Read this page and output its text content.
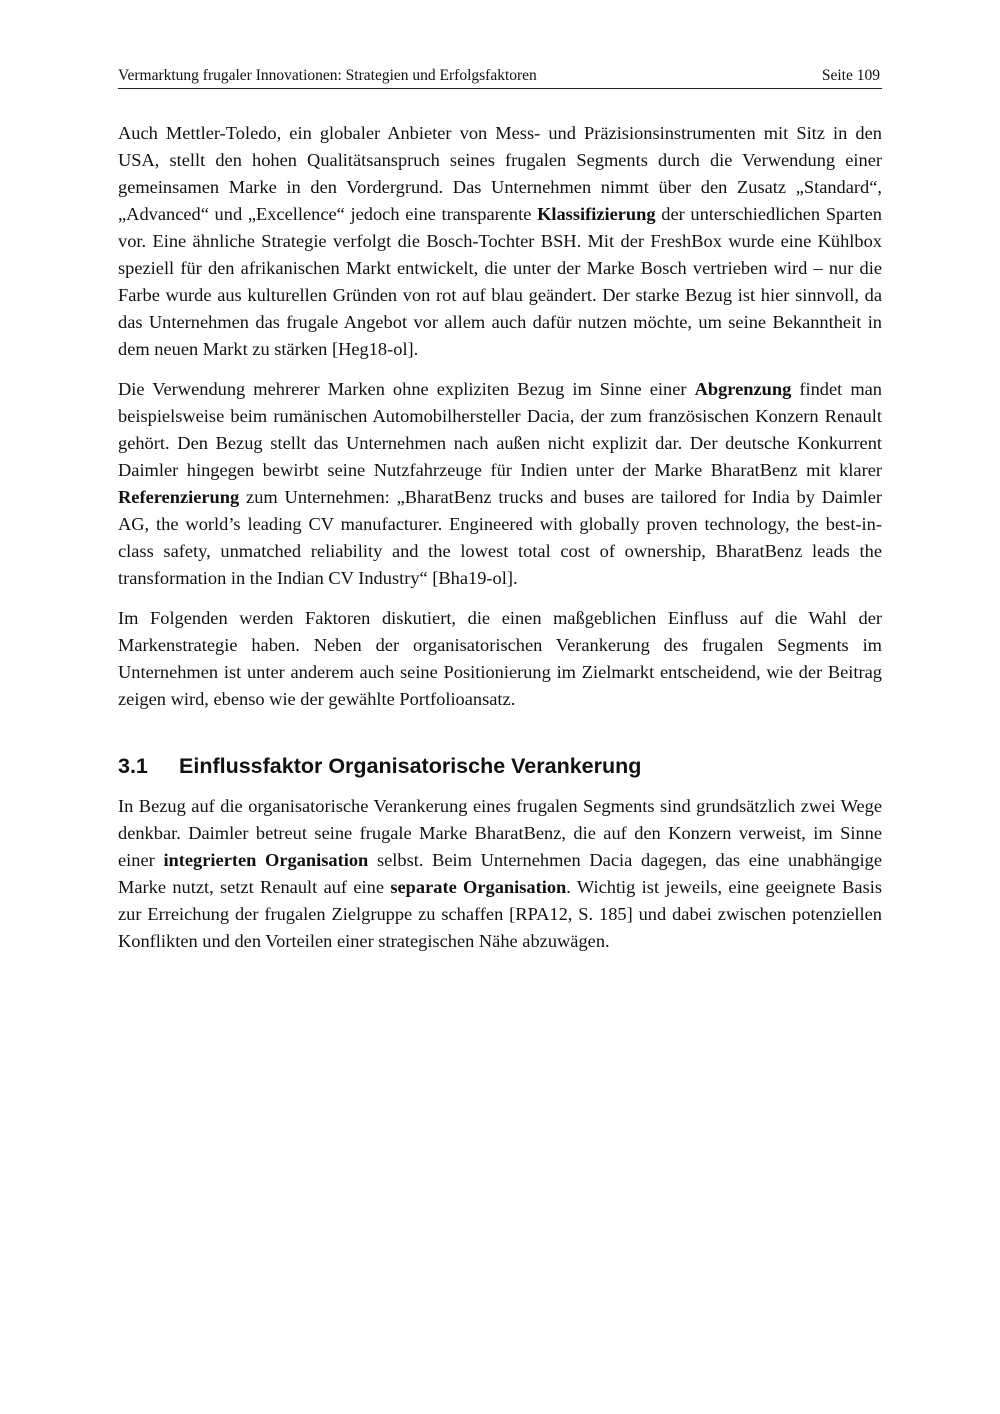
Vermarktung frugaler Innovationen: Strategien und Erfolgsfaktoren	Seite 109

Auch Mettler-Toledo, ein globaler Anbieter von Mess- und Präzisionsinstrumenten mit Sitz in den USA, stellt den hohen Qualitätsanspruch seines frugalen Segments durch die Verwendung einer gemeinsamen Marke in den Vordergrund. Das Unternehmen nimmt über den Zusatz „Standard“, „Advanced“ und „Excellence“ jedoch eine transparente Klassifizierung der unterschiedlichen Sparten vor. Eine ähnliche Strategie verfolgt die Bosch-Tochter BSH. Mit der FreshBox wurde eine Kühlbox speziell für den afrikanischen Markt entwickelt, die unter der Marke Bosch vertrieben wird – nur die Farbe wurde aus kulturellen Gründen von rot auf blau geändert. Der starke Bezug ist hier sinnvoll, da das Unternehmen das frugale Angebot vor allem auch dafür nutzen möchte, um seine Bekanntheit in dem neuen Markt zu stärken [Heg18-ol].

Die Verwendung mehrerer Marken ohne expliziten Bezug im Sinne einer Abgrenzung findet man beispielsweise beim rumänischen Automobilhersteller Dacia, der zum französischen Konzern Renault gehört. Den Bezug stellt das Unternehmen nach außen nicht explizit dar. Der deutsche Konkurrent Daimler hingegen bewirbt seine Nutzfahrzeuge für Indien unter der Marke BharatBenz mit klarer Referenzierung zum Unternehmen: „BharatBenz trucks and buses are tailored for India by Daimler AG, the world’s leading CV manufacturer. Engineered with globally proven technology, the best-in-class safety, unmatched reliability and the lowest total cost of ownership, BharatBenz leads the transformation in the Indian CV Industry“ [Bha19-ol].

Im Folgenden werden Faktoren diskutiert, die einen maßgeblichen Einfluss auf die Wahl der Markenstrategie haben. Neben der organisatorischen Verankerung des frugalen Segments im Unternehmen ist unter anderem auch seine Positionierung im Zielmarkt entscheidend, wie der Beitrag zeigen wird, ebenso wie der gewählte Portfolioansatz.

3.1 Einflussfaktor Organisatorische Verankerung

In Bezug auf die organisatorische Verankerung eines frugalen Segments sind grundsätzlich zwei Wege denkbar. Daimler betreut seine frugale Marke BharatBenz, die auf den Konzern verweist, im Sinne einer integrierten Organisation selbst. Beim Unternehmen Dacia dagegen, das eine unabhängige Marke nutzt, setzt Renault auf eine separate Organisation. Wichtig ist jeweils, eine geeignete Basis zur Erreichung der frugalen Zielgruppe zu schaffen [RPA12, S. 185] und dabei zwischen potenziellen Konflikten und den Vorteilen einer strategischen Nähe abzuwägen.
